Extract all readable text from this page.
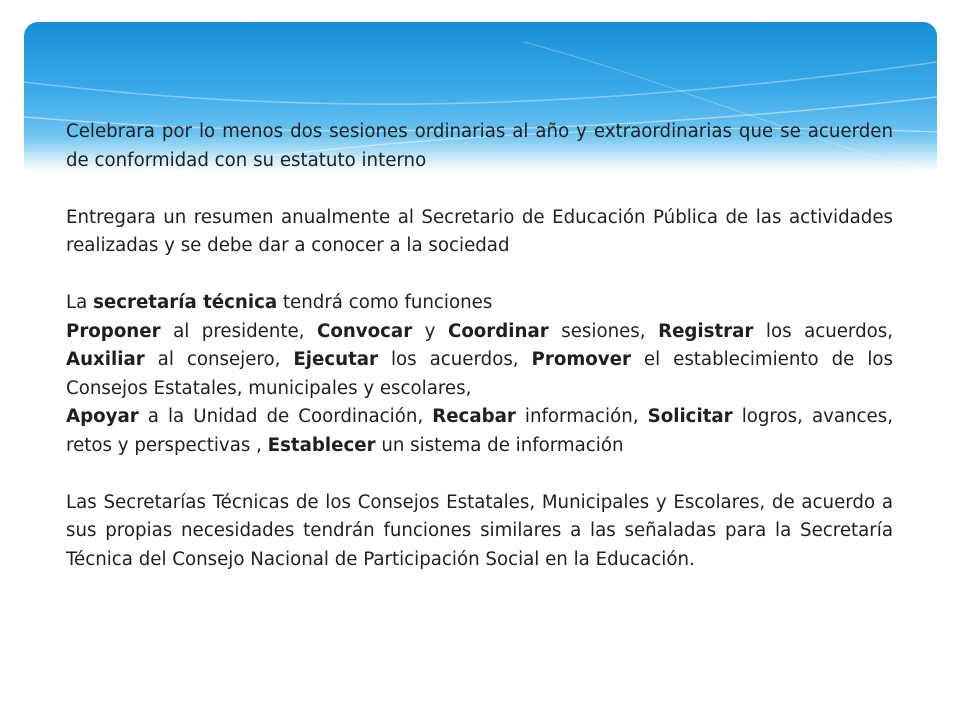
Celebrara por lo menos dos sesiones ordinarias al año y extraordinarias que se acuerden de conformidad con su estatuto interno

Entregara un resumen anualmente al Secretario de Educación Pública de las actividades realizadas y se debe dar a conocer a la sociedad

La secretaría técnica tendrá como funciones

Proponer al presidente, Convocar y Coordinar sesiones, Registrar los acuerdos, Auxiliar al consejero, Ejecutar los acuerdos, Promover el establecimiento de los Consejos Estatales, municipales y escolares,

Apoyar a la Unidad de Coordinación, Recabar información, Solicitar logros, avances, retos y perspectivas , Establecer un sistema de información

Las Secretarías Técnicas de los Consejos Estatales, Municipales y Escolares, de acuerdo a sus propias necesidades tendrán funciones similares a las señaladas para la Secretaría Técnica del Consejo Nacional de Participación Social en la Educación.
